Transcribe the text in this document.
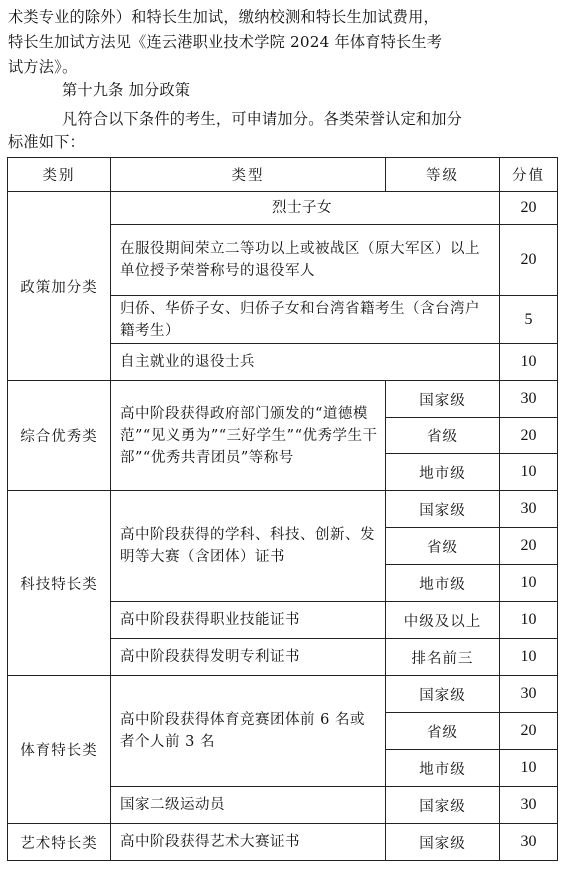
术类专业的除外）和特长生加试，缴纳校测和特长生加试费用，
特长生加试方法见《连云港职业技术学院 2024 年体育特长生考
试方法》。
第十九条 加分政策
凡符合以下条件的考生，可申请加分。各类荣誉认定和加分
标准如下：
类别	类型	等级	分值
政策加分类	烈士子女		20
	在服役期间荣立二等功以上或被战区（原大军区）以上单位授予荣誉称号的退役军人		20
	归侨、华侨子女、归侨子女和台湾省籍考生（含台湾户籍考生）		5
	自主就业的退役士兵		10
综合优秀类	高中阶段获得政府部门颁发的“道德模范”“见义勇为”“三好学生”“优秀学生干部”“优秀共青团员”等称号	国家级	30
		省级	20
		地市级	10
科技特长类	高中阶段获得的学科、科技、创新、发明等大赛（含团体）证书	国家级	30
		省级	20
		地市级	10
	高中阶段获得职业技能证书	中级及以上	10
	高中阶段获得发明专利证书	排名前三	10
体育特长类	高中阶段获得体育竞赛团体前 6 名或者个人前 3 名	国家级	30
		省级	20
		地市级	10
	国家二级运动员	国家级	30
艺术特长类	高中阶段获得艺术大赛证书	国家级	30
